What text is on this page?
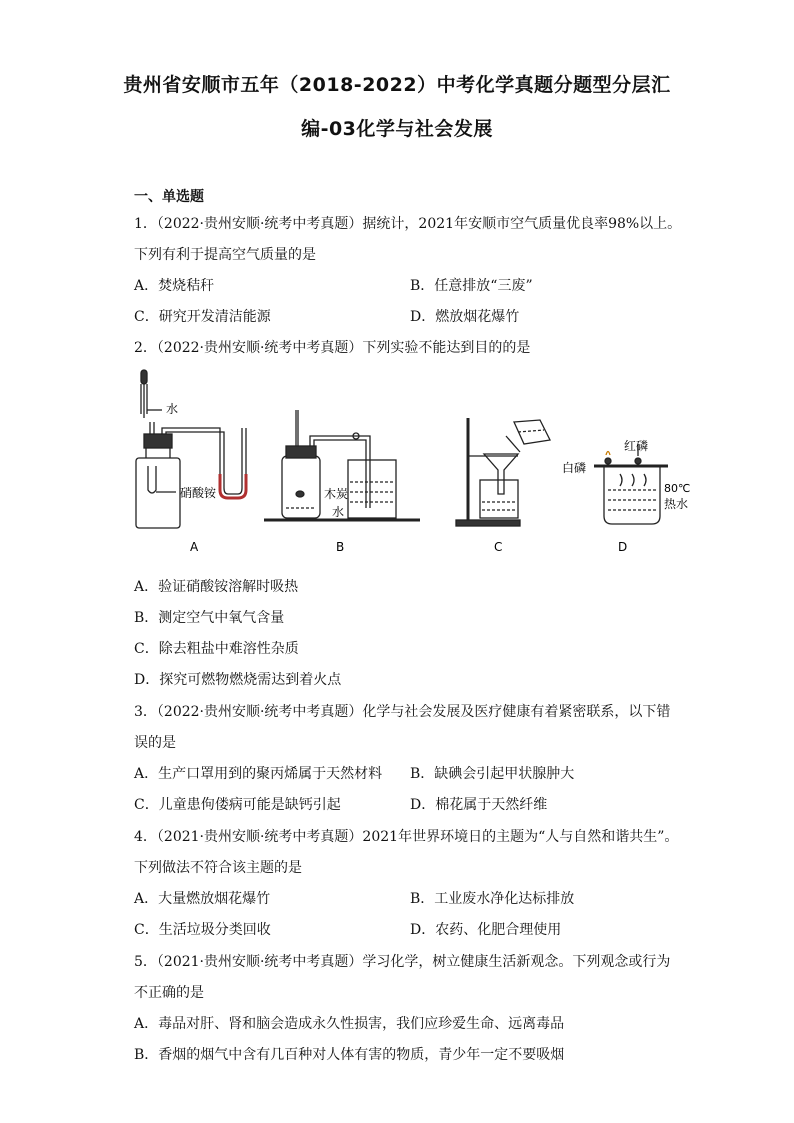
贵州省安顺市五年（2018-2022）中考化学真题分题型分层汇
编-03化学与社会发展
一、单选题
1．（2022·贵州安顺·统考中考真题）据统计，2021年安顺市空气质量优良率98%以上。
下列有利于提高空气质量的是
A．焚烧秸秆	B．任意排放“三废”
C．研究开发清洁能源	D．燃放烟花爆竹
2．（2022·贵州安顺·统考中考真题）下列实验不能达到目的的是
水
硝酸铵	木炭
水
红磷
白磷
80℃
热水
A	B	C	D
A．验证硝酸铵溶解时吸热
B．测定空气中氧气含量
C．除去粗盐中难溶性杂质
D．探究可燃物燃烧需达到着火点
3．（2022·贵州安顺·统考中考真题）化学与社会发展及医疗健康有着紧密联系，以下错
误的是
A．生产口罩用到的聚丙烯属于天然材料 B．缺碘会引起甲状腺肿大
C．儿童患佝偻病可能是缺钙引起	D．棉花属于天然纤维
4．（2021·贵州安顺·统考中考真题）2021年世界环境日的主题为“人与自然和谐共生”。
下列做法不符合该主题的是
A．大量燃放烟花爆竹	B．工业废水净化达标排放
C．生活垃圾分类回收	D．农药、化肥合理使用
5．（2021·贵州安顺·统考中考真题）学习化学，树立健康生活新观念。下列观念或行为
不正确的是
A．毒品对肝、肾和脑会造成永久性损害，我们应珍爱生命、远离毒品
B．香烟的烟气中含有几百种对人体有害的物质，青少年一定不要吸烟
